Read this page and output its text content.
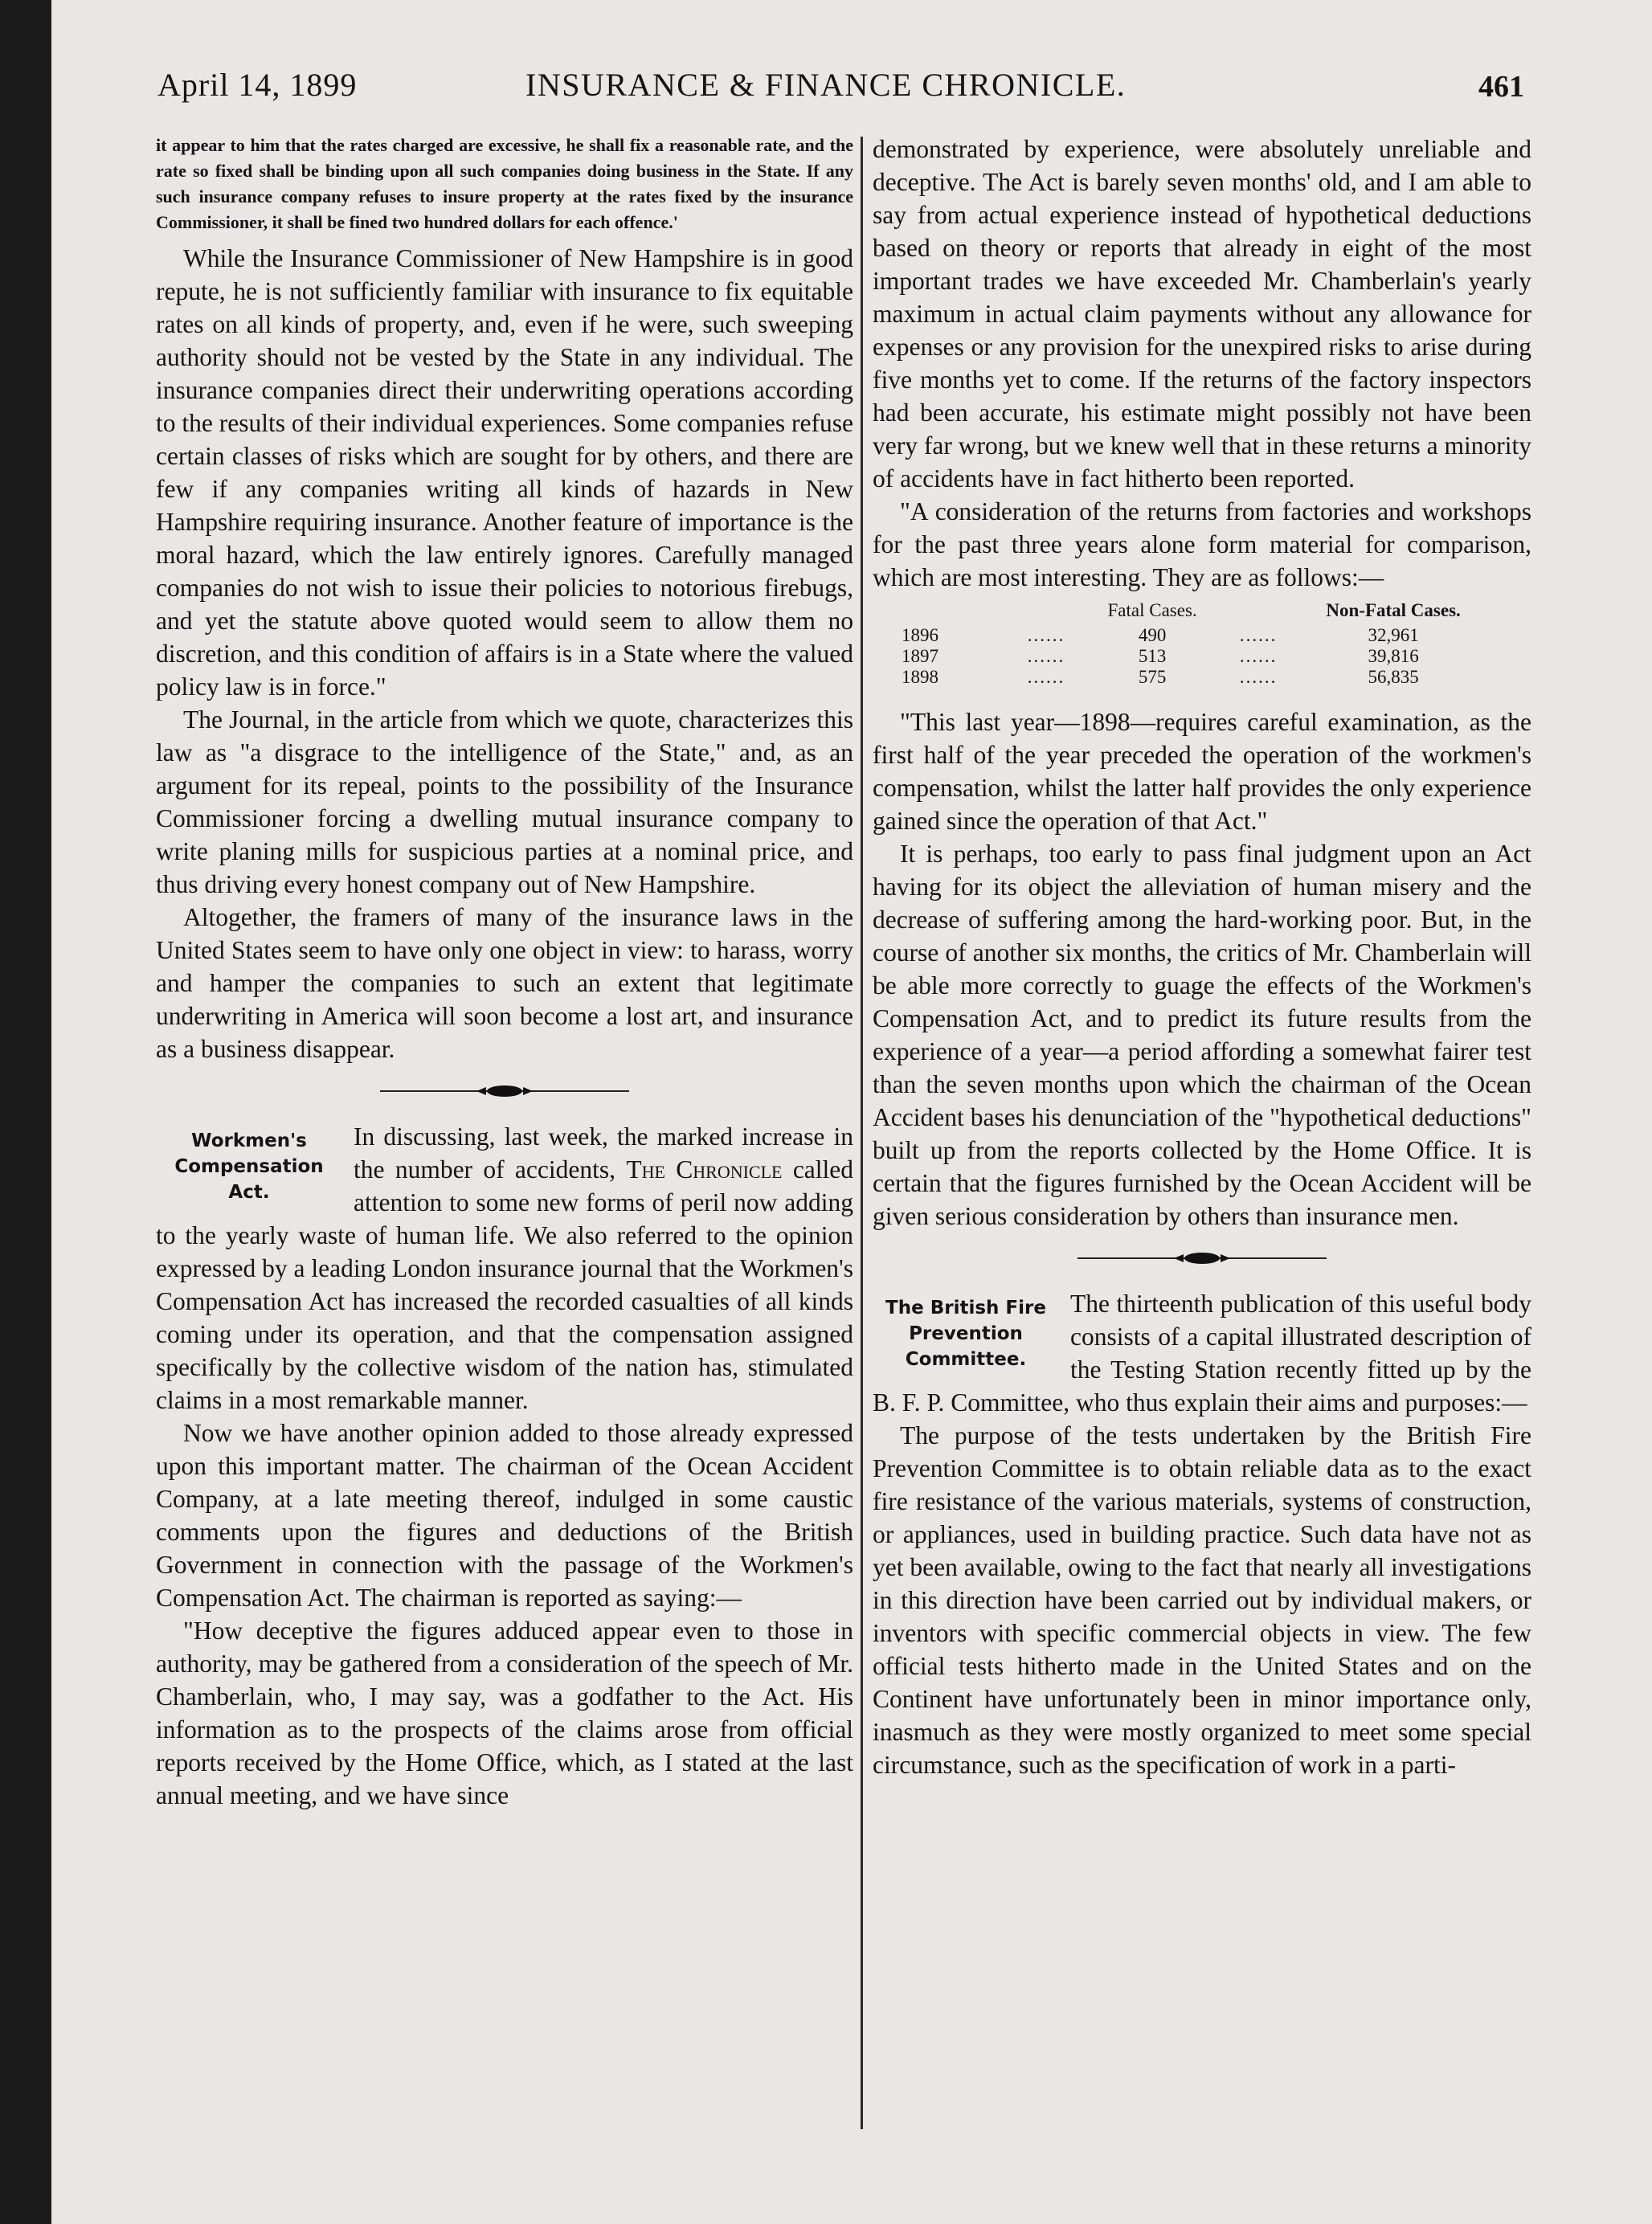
April 14, 1899	INSURANCE & FINANCE CHRONICLE.	461

it appear to him that the rates charged are excessive, he shall fix a reasonable rate, and the rate so fixed shall be binding upon all such companies doing business in the State. If any such insurance company refuses to insure property at the rates fixed by the insurance Commissioner, it shall be fined two hundred dollars for each offence.'

While the Insurance Commissioner of New Hampshire is in good repute, he is not sufficiently familiar with insurance to fix equitable rates on all kinds of property, and, even if he were, such sweeping authority should not be vested by the State in any individual. The insurance companies direct their underwriting operations according to the results of their individual experiences. Some companies refuse certain classes of risks which are sought for by others, and there are few if any companies writing all kinds of hazards in New Hampshire requiring insurance. Another feature of importance is the moral hazard, which the law entirely ignores. Carefully managed companies do not wish to issue their policies to notorious firebugs, and yet the statute above quoted would seem to allow them no discretion, and this condition of affairs is in a State where the valued policy law is in force."

The Journal, in the article from which we quote, characterizes this law as "a disgrace to the intelligence of the State," and, as an argument for its repeal, points to the possibility of the Insurance Commissioner forcing a dwelling mutual insurance company to write planing mills for suspicious parties at a nominal price, and thus driving every honest company out of New Hampshire.

Altogether, the framers of many of the insurance laws in the United States seem to have only one object in view: to harass, worry and hamper the companies to such an extent that legitimate underwriting in America will soon become a lost art, and insurance as a business disappear.

Workmen's Compensation Act.

In discussing, last week, the marked increase in the number of accidents, The Chronicle called attention to some new forms of peril now adding to the yearly waste of human life. We also referred to the opinion expressed by a leading London insurance journal that the Workmen's Compensation Act has increased the recorded casualties of all kinds coming under its operation, and that the compensation assigned specifically by the collective wisdom of the nation has, stimulated claims in a most remarkable manner.

Now we have another opinion added to those already expressed upon this important matter. The chairman of the Ocean Accident Company, at a late meeting thereof, indulged in some caustic comments upon the figures and deductions of the British Government in connection with the passage of the Workmen's Compensation Act. The chairman is reported as saying:—

"How deceptive the figures adduced appear even to those in authority, may be gathered from a consideration of the speech of Mr. Chamberlain, who, I may say, was a godfather to the Act. His information as to the prospects of the claims arose from official reports received by the Home Office, which, as I stated at the last annual meeting, and we have since

demonstrated by experience, were absolutely unreliable and deceptive. The Act is barely seven months' old, and I am able to say from actual experience instead of hypothetical deductions based on theory or reports that already in eight of the most important trades we have exceeded Mr. Chamberlain's yearly maximum in actual claim payments without any allowance for expenses or any provision for the unexpired risks to arise during five months yet to come. If the returns of the factory inspectors had been accurate, his estimate might possibly not have been very far wrong, but we knew well that in these returns a minority of accidents have in fact hitherto been reported.

"A consideration of the returns from factories and workshops for the past three years alone form material for comparison, which are most interesting. They are as follows:—

		Fatal Cases.		Non-Fatal Cases.
1896	......	490	......	32,961
1897	......	513	......	39,816
1898	......	575	......	56,835

"This last year—1898—requires careful examination, as the first half of the year preceded the operation of the workmen's compensation, whilst the latter half provides the only experience gained since the operation of that Act."

It is perhaps, too early to pass final judgment upon an Act having for its object the alleviation of human misery and the decrease of suffering among the hard-working poor. But, in the course of another six months, the critics of Mr. Chamberlain will be able more correctly to guage the effects of the Workmen's Compensation Act, and to predict its future results from the experience of a year—a period affording a somewhat fairer test than the seven months upon which the chairman of the Ocean Accident bases his denunciation of the "hypothetical deductions" built up from the reports collected by the Home Office. It is certain that the figures furnished by the Ocean Accident will be given serious consideration by others than insurance men.

The British Fire Prevention Committee.

The thirteenth publication of this useful body consists of a capital illustrated description of the Testing Station recently fitted up by the B. F. P. Committee, who thus explain their aims and purposes:—

The purpose of the tests undertaken by the British Fire Prevention Committee is to obtain reliable data as to the exact fire resistance of the various materials, systems of construction, or appliances, used in building practice. Such data have not as yet been available, owing to the fact that nearly all investigations in this direction have been carried out by individual makers, or inventors with specific commercial objects in view. The few official tests hitherto made in the United States and on the Continent have unfortunately been in minor importance only, inasmuch as they were mostly organized to meet some special circumstance, such as the specification of work in a parti-
